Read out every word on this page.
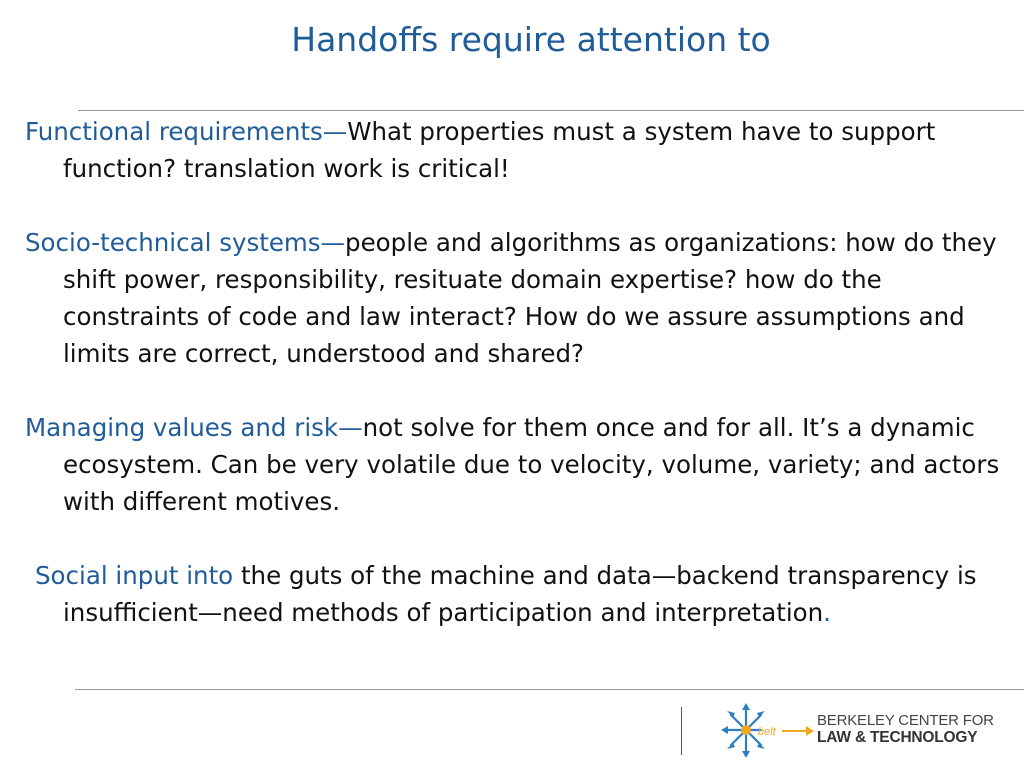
Handoffs require attention to

Functional requirements—What properties must a system have to support function? translation work is critical!

Socio-technical systems—people and algorithms as organizations: how do they shift power, responsibility, resituate domain expertise? how do the constraints of code and law interact? How do we assure assumptions and limits are correct, understood and shared?

Managing values and risk—not solve for them once and for all. It’s a dynamic ecosystem. Can be very volatile due to velocity, volume, variety; and actors with different motives.

Social input into the guts of the machine and data—backend transparency is insufficient—need methods of participation and interpretation.

belt
BERKELEY CENTER FOR
LAW & TECHNOLOGY
